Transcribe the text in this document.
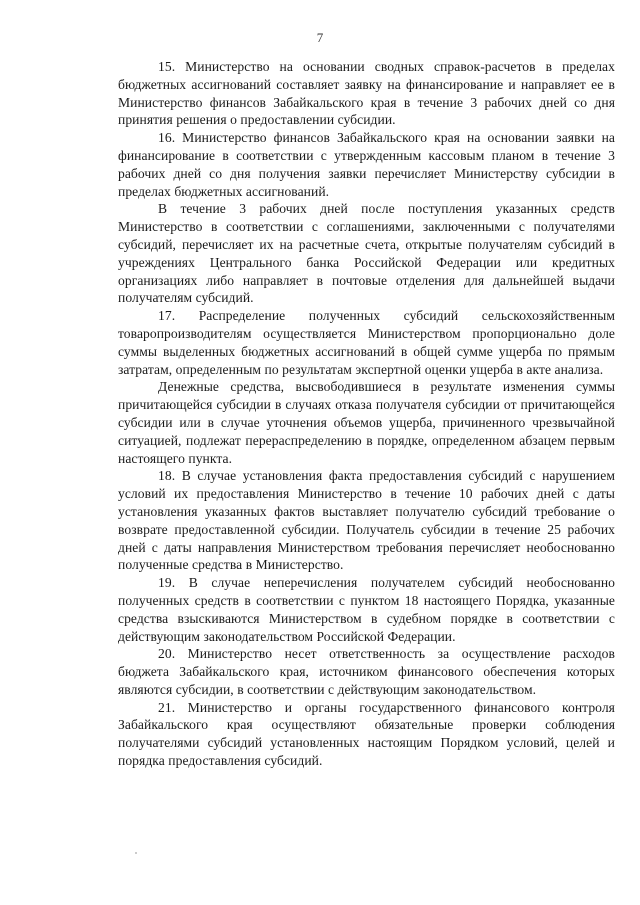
7

15. Министерство на основании сводных справок-расчетов в пределах бюджетных ассигнований составляет заявку на финансирование и направляет ее в Министерство финансов Забайкальского края в течение 3 рабочих дней со дня принятия решения о предоставлении субсидии.

16. Министерство финансов Забайкальского края на основании заявки на финансирование в соответствии с утвержденным кассовым планом в течение 3 рабочих дней со дня получения заявки перечисляет Министерству субсидии в пределах бюджетных ассигнований.

В течение 3 рабочих дней после поступления указанных средств Министерство в соответствии с соглашениями, заключенными с получателями субсидий, перечисляет их на расчетные счета, открытые получателям субсидий в учреждениях Центрального банка Российской Федерации или кредитных организациях либо направляет в почтовые отделения для дальнейшей выдачи получателям субсидий.

17. Распределение полученных субсидий сельскохозяйственным товаропроизводителям осуществляется Министерством пропорционально доле суммы выделенных бюджетных ассигнований в общей сумме ущерба по прямым затратам, определенным по результатам экспертной оценки ущерба в акте анализа.

Денежные средства, высвободившиеся в результате изменения суммы причитающейся субсидии в случаях отказа получателя субсидии от причитающейся субсидии или в случае уточнения объемов ущерба, причиненного чрезвычайной ситуацией, подлежат перераспределению в порядке, определенном абзацем первым настоящего пункта.

18. В случае установления факта предоставления субсидий с нарушением условий их предоставления Министерство в течение 10 рабочих дней с даты установления указанных фактов выставляет получателю субсидий требование о возврате предоставленной субсидии. Получатель субсидии в течение 25 рабочих дней с даты направления Министерством требования перечисляет необоснованно полученные средства в Министерство.

19. В случае неперечисления получателем субсидий необоснованно полученных средств в соответствии с пунктом 18 настоящего Порядка, указанные средства взыскиваются Министерством в судебном порядке в соответствии с действующим законодательством Российской Федерации.

20. Министерство несет ответственность за осуществление расходов бюджета Забайкальского края, источником финансового обеспечения которых являются субсидии, в соответствии с действующим законодательством.

21. Министерство и органы государственного финансового контроля Забайкальского края осуществляют обязательные проверки соблюдения получателями субсидий установленных настоящим Порядком условий, целей и порядка предоставления субсидий.
